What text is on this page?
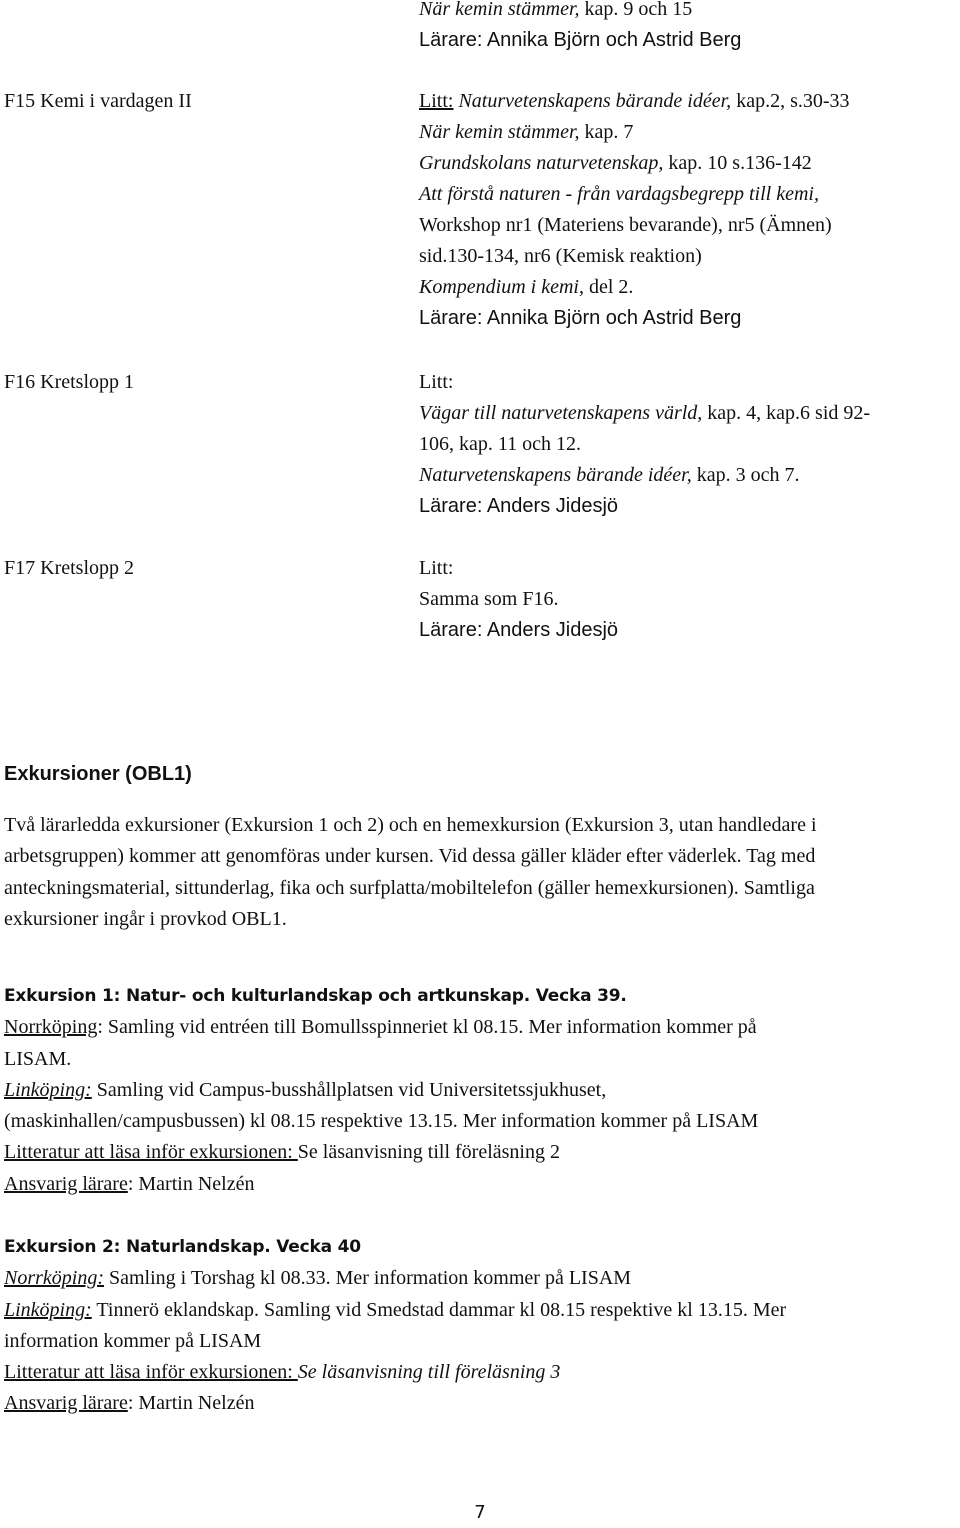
När kemin stämmer, kap. 9 och 15
Lärare: Annika Björn och Astrid Berg
F15 Kemi i vardagen II	Litt: Naturvetenskapens bärande idéer, kap.2, s.30-33
När kemin stämmer, kap. 7
Grundskolans naturvetenskap, kap. 10 s.136-142
Att förstå naturen - från vardagsbegrepp till kemi,
Workshop nr1 (Materiens bevarande), nr5 (Ämnen)
sid.130-134, nr6 (Kemisk reaktion)
Kompendium i kemi, del 2.
Lärare: Annika Björn och Astrid Berg
F16 Kretslopp 1	Litt:
Vägar till naturvetenskapens värld, kap. 4, kap.6 sid 92-
106, kap. 11 och 12.
Naturvetenskapens bärande idéer, kap. 3 och 7.
Lärare: Anders Jidesjö
F17 Kretslopp 2	Litt:
Samma som F16.
Lärare: Anders Jidesjö
Exkursioner (OBL1)
Två lärarledda exkursioner (Exkursion 1 och 2) och en hemexkursion (Exkursion 3, utan handledare i
arbetsgruppen) kommer att genomföras under kursen. Vid dessa gäller kläder efter väderlek. Tag med
anteckningsmaterial, sittunderlag, fika och surfplatta/mobiltelefon (gäller hemexkursionen). Samtliga
exkursioner ingår i provkod OBL1.
Exkursion 1: Natur- och kulturlandskap och artkunskap. Vecka 39.
Norrköping: Samling vid entréen till Bomullsspinneriet kl 08.15. Mer information kommer på
LISAM.
Linköping: Samling vid Campus-busshållplatsen vid Universitetssjukhuset,
(maskinhallen/campusbussen) kl 08.15 respektive 13.15. Mer information kommer på LISAM
Litteratur att läsa inför exkursionen: Se läsanvisning till föreläsning 2
Ansvarig lärare: Martin Nelzén
Exkursion 2: Naturlandskap. Vecka 40
Norrköping: Samling i Torshag kl 08.33. Mer information kommer på LISAM
Linköping: Tinnerö eklandskap. Samling vid Smedstad dammar kl 08.15 respektive kl 13.15. Mer
information kommer på LISAM
Litteratur att läsa inför exkursionen: Se läsanvisning till föreläsning 3
Ansvarig lärare: Martin Nelzén
7
